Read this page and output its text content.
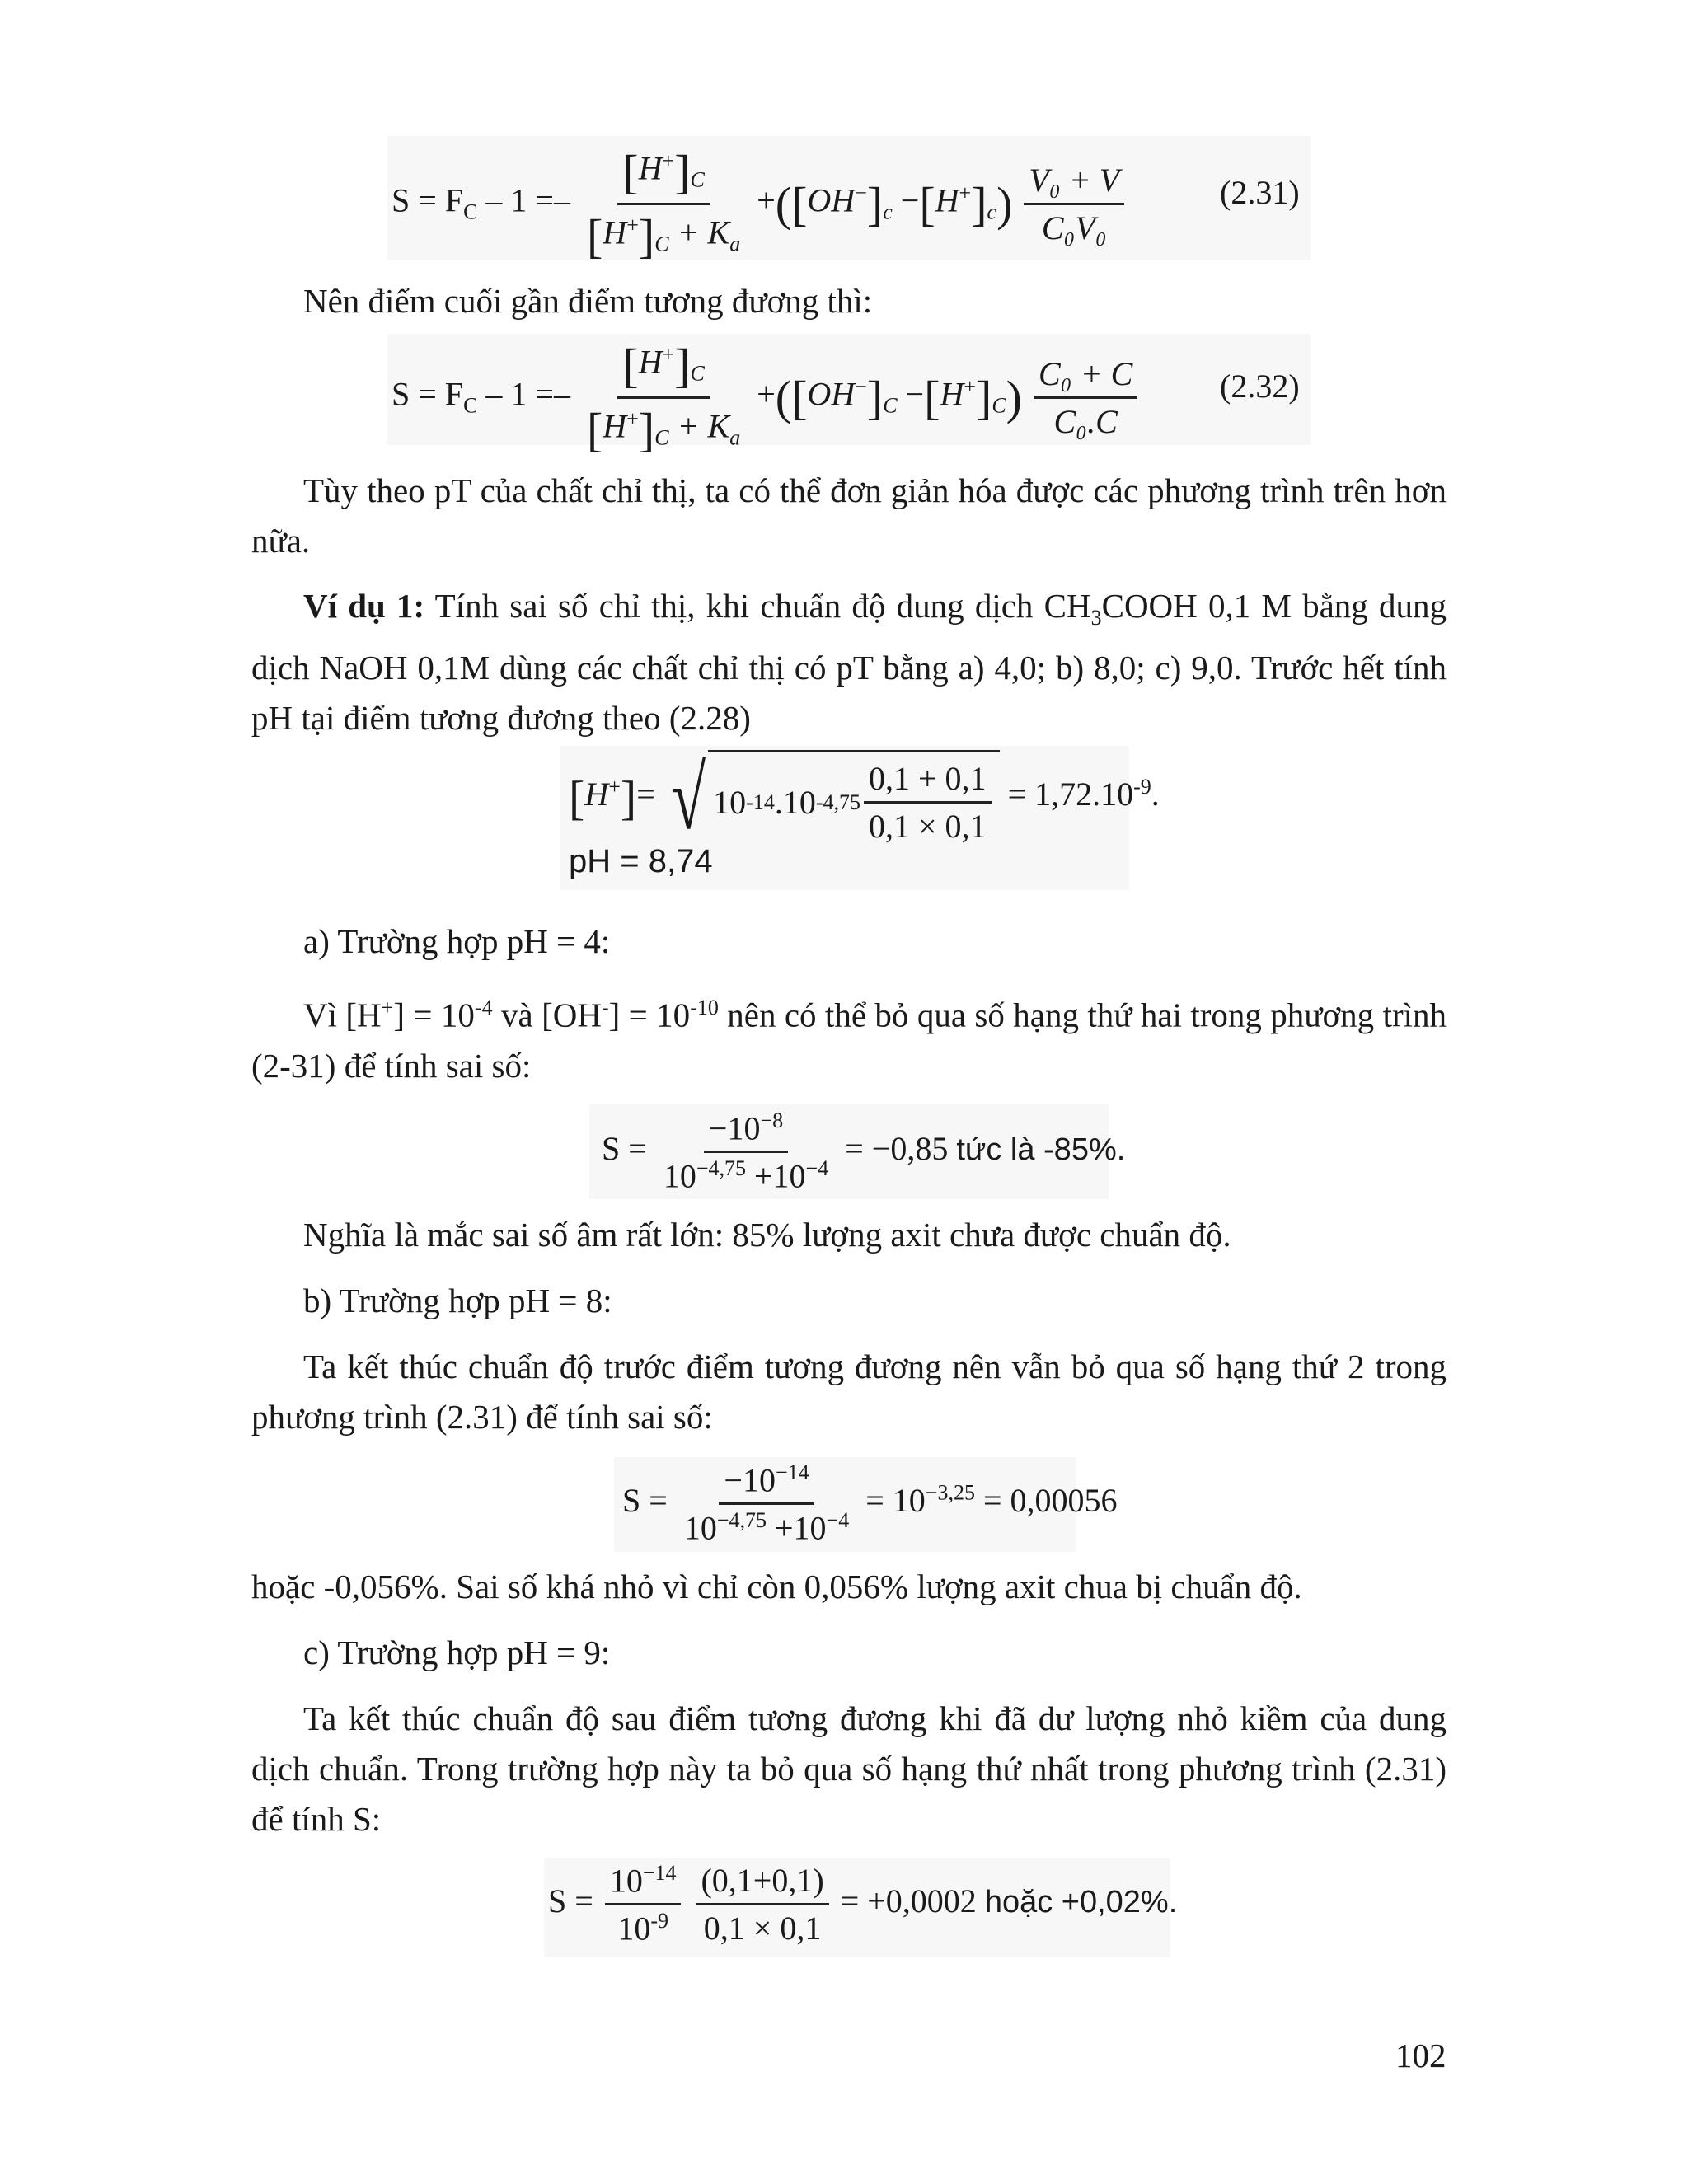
$S = F_C - 1 =- \frac{[H^+]_C}{[H^+]_C + K_a} +([OH^-]_c -[H^+]_c) \frac{\text{V₀ + V}}{\text{C₀V₀}}$	(2.31)

Nên điểm cuối gần điểm tương đương thì:

$S = F_C - 1 =- \frac{[H^+]_C}{[H^+]_C + K_a} +([OH^-]_C -[H^+]_C) \frac{\text{C₀ + C}}{\text{C₀.C}} (2.32)$

Tùy theo pT của chất chỉ thị, ta có thể đơn giản hóa được các phương trình trên hơn nữa.

Ví dụ 1: Tính sai số chỉ thị, khi chuẩn độ dung dịch $CH_3COOH$ 0,1 M bằng dung dịch NaOH 0,1M dùng các chất chỉ thị có pT bằng a) 4,0; b) 8,0; c) 9,0. Trước hết tính pH tại điểm tương đương theo (2.28)

[H+]= √ 10 -14 .10 $-4,75 \frac{0,1 + 0,1}{0,1 \times 0,1} = 1,72.10^{-9}$.
pH = 8,74

a) Trường hợp pH = 4:

Vì $[H^+] = 10^{-4}$ và $[OH^-] = 10^{-10}$ nên có thể bỏ qua số hạng thứ hai trong phương trình (2-31) để tính sai số:

$S = \frac{-10^{-8}}{10^{-4,75} +10^{-4}} = -0,85$ tức là -85%.

Nghĩa là mắc sai số âm rất lớn: 85% lượng axit chưa được chuẩn độ.

b) Trường hợp pH = 8:

Ta kết thúc chuẩn độ trước điểm tương đương nên vẫn bỏ qua số hạng thứ 2 trong phương trình (2.31) để tính sai số:

$S = \frac{-10^{-14}}{10^{-4,75} +10^{-4}} = 10^{-3,25} = 0,00056$

hoặc -0,056%. Sai số khá nhỏ vì chỉ còn 0,056% lượng axit chua bị chuẩn độ.

c) Trường hợp pH = 9:

Ta kết thúc chuẩn độ sau điểm tương đương khi đã dư lượng nhỏ kiềm của dung dịch chuẩn. Trong trường hợp này ta bỏ qua số hạng thứ nhất trong phương trình (2.31) để tính S:

$S = \frac{10^{-14}}{10^{-9}}$
$\frac{(0,1+0,1)}{0,1 \times 0,1} = +0,0002$ hoặc +0,02%.
102
